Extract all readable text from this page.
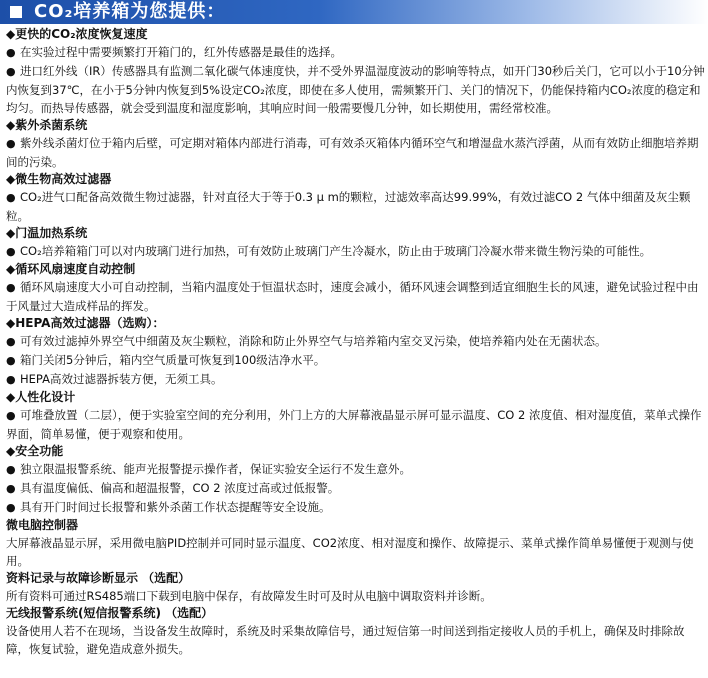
CO₂培养箱为您提供：
◆更快的CO₂浓度恢复速度
● 在实验过程中需要频繁打开箱门的，红外传感器是最佳的选择。
● 进口红外线（IR）传感器具有监测二氧化碳气体速度快，并不受外界温湿度波动的影响等特点，如开门30秒后关门，它可以小于10分钟内恢复到37℃，在小于5分钟内恢复到5%设定CO₂浓度，即使在多人使用，需频繁开门、关门的情况下，仍能保持箱内CO₂浓度的稳定和均匀。而热导传感器，就会受到温度和湿度影响，其响应时间一般需要慢几分钟，如长期使用，需经常校准。
◆紫外杀菌系统
● 紫外线杀菌灯位于箱内后壁，可定期对箱体内部进行消毒，可有效杀灭箱体内循环空气和增湿盘水蒸汽浮菌，从而有效防止细胞培养期间的污染。
◆微生物高效过滤器
● CO₂进气口配备高效微生物过滤器，针对直径大于等于0.3 μ m的颗粒，过滤效率高达99.99%，有效过滤CO 2 气体中细菌及灰尘颗粒。
◆门温加热系统
● CO₂培养箱箱门可以对内玻璃门进行加热，可有效防止玻璃门产生冷凝水，防止由于玻璃门冷凝水带来微生物污染的可能性。
◆循环风扇速度自动控制
● 循环风扇速度大小可自动控制，当箱内温度处于恒温状态时，速度会减小，循环风速会调整到适宜细胞生长的风速，避免试验过程中由于风量过大造成样品的挥发。
◆HEPA高效过滤器（选购）：
● 可有效过滤掉外界空气中细菌及灰尘颗粒，消除和防止外界空气与培养箱内室交叉污染，使培养箱内处在无菌状态。
● 箱门关闭5分钟后，箱内空气质量可恢复到100级洁净水平。
● HEPA高效过滤器拆装方便，无须工具。
◆人性化设计
● 可堆叠放置（二层），便于实验室空间的充分利用，外门上方的大屏幕液晶显示屏可显示温度、CO 2 浓度值、相对湿度值，菜单式操作界面，简单易懂，便于观察和使用。
◆安全功能
● 独立限温报警系统、能声光报警提示操作者，保证实验安全运行不发生意外。
● 具有温度偏低、偏高和超温报警，CO 2 浓度过高或过低报警。
● 具有开门时间过长报警和紫外杀菌工作状态提醒等安全设施。
微电脑控制器
大屏幕液晶显示屏，采用微电脑PID控制并可同时显示温度、CO2浓度、相对湿度和操作、故障提示、菜单式操作简单易懂便于观测与使用。
资料记录与故障诊断显示 （选配）
所有资料可通过RS485端口下载到电脑中保存，有故障发生时可及时从电脑中调取资料并诊断。
无线报警系统(短信报警系统) （选配）
设备使用人若不在现场，当设备发生故障时，系统及时采集故障信号，通过短信第一时间送到指定接收人员的手机上，确保及时排除故障，恢复试验，避免造成意外损失。
